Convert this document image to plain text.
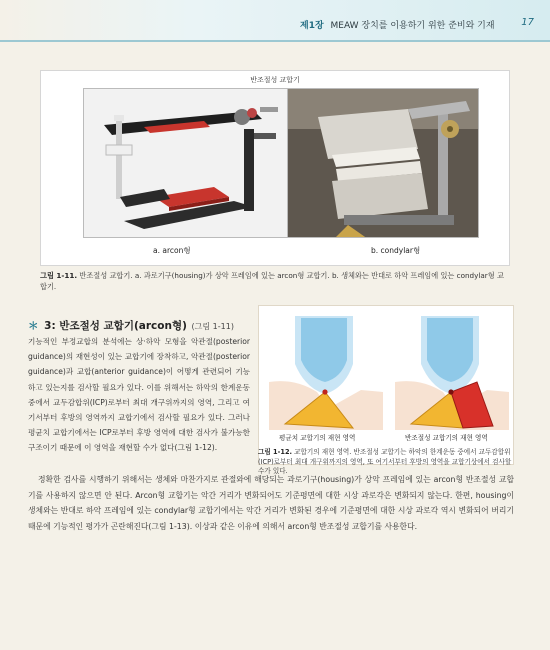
제1장 MEAW 장치를 이용하기 위한 준비와 기재	17
반조절성 교합기
a. arcon형	b. condylar형
그림 1-11. 반조절성 교합기. a. 과로기구(housing)가 상악 프레임에 있는 arcon형 교합기. b. 생체와는 반대로 하악 프레임에 있는 condylar형 교합기.
＊ 3: 반조절성 교합기(arcon형) (그림 1-11)

기능적인 부정교합의 분석에는 상·하악 모형을 악관절(posterior guidance)의 재현성이 있는 교합기에 장착하고, 악관절(posterior guidance)과 교합(anterior guidance)이 어떻게 관련되어 기능하고 있는지를 검사할 필요가 있다. 이를 위해서는 하악의 한계운동 중에서 교두감합위(ICP)로부터 최대 개구위까지의 영역, 그리고 여기서부터 후방의 영역까지 교합기에서 검사할 필요가 있다. 그러나 평균치 교합기에서는 ICP로부터 후방 영역에 대한 검사가 불가능한 구조이기 때문에 이 영역을 재현할 수가 없다(그림 1-12).

평균치 교합기의 재현 영역	반조절성 교합기의 재현 영역
그림 1-12. 교합기의 재현 영역. 반조절성 교합기는 하악의 한계운동 중에서 교두감합위(ICP)로부터 최대 개구위까지의 영역, 또 여기서부터 후방의 영역을 교합기상에서 검사할 수가 있다.
정확한 검사를 시행하기 위해서는 생체와 마찬가지로 관절와에 해당되는 과로기구(housing)가 상악 프레임에 있는 arcon형 반조절성 교합기를 사용하지 않으면 안 된다. Arcon형 교합기는 악간 거리가 변화되어도 기준평면에 대한 시상 과로각은 변화되지 않는다. 한편, housing이 생체와는 반대로 하악 프레임에 있는 condylar형 교합기에서는 악간 거리가 변화된 경우에 기준평면에 대한 시상 과로각 역시 변화되어 버리기 때문에 기능적인 평가가 곤란해진다(그림 1-13). 이상과 같은 이유에 의해서 arcon형 반조절성 교합기를 사용한다.
